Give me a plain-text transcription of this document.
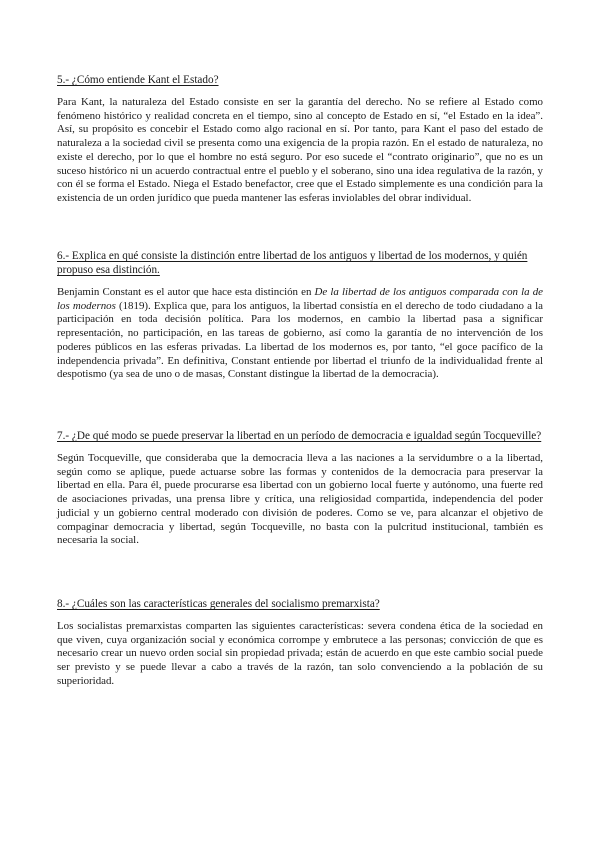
5.- ¿Cómo entiende Kant el Estado?

Para Kant, la naturaleza del Estado consiste en ser la garantía del derecho. No se refiere al Estado como fenómeno histórico y realidad concreta en el tiempo, sino al concepto de Estado en sí, “el Estado en la idea”. Así, su propósito es concebir el Estado como algo racional en sí. Por tanto, para Kant el paso del estado de naturaleza a la sociedad civil se presenta como una exigencia de la propia razón. En el estado de naturaleza, no existe el derecho, por lo que el hombre no está seguro. Por eso sucede el “contrato originario”, que no es un suceso histórico ni un acuerdo contractual entre el pueblo y el soberano, sino una idea regulativa de la razón, y con él se forma el Estado. Niega el Estado benefactor, cree que el Estado simplemente es una condición para la existencia de un orden jurídico que pueda mantener las esferas inviolables del obrar individual.

6.- Explica en qué consiste la distinción entre libertad de los antiguos y libertad de los modernos, y quién propuso esa distinción.

Benjamin Constant es el autor que hace esta distinción en De la libertad de los antiguos comparada con la de los modernos (1819). Explica que, para los antiguos, la libertad consistía en el derecho de todo ciudadano a la participación en toda decisión política. Para los modernos, en cambio la libertad pasa a significar representación, no participación, en las tareas de gobierno, así como la garantía de no intervención de los poderes públicos en las esferas privadas. La libertad de los modernos es, por tanto, “el goce pacífico de la independencia privada”. En definitiva, Constant entiende por libertad el triunfo de la individualidad frente al despotismo (ya sea de uno o de masas, Constant distingue la libertad de la democracia).

7.- ¿De qué modo se puede preservar la libertad en un período de democracia e igualdad según Tocqueville?

Según Tocqueville, que consideraba que la democracia lleva a las naciones a la servidumbre o a la libertad, según como se aplique, puede actuarse sobre las formas y contenidos de la democracia para preservar la libertad en ella. Para él, puede procurarse esa libertad con un gobierno local fuerte y autónomo, una fuerte red de asociaciones privadas, una prensa libre y crítica, una religiosidad compartida, independencia del poder judicial y un gobierno central moderado con división de poderes. Como se ve, para alcanzar el objetivo de compaginar democracia y libertad, según Tocqueville, no basta con la pulcritud institucional, también es necesaria la social.

8.- ¿Cuáles son las características generales del socialismo premarxista?

Los socialistas premarxistas comparten las siguientes características: severa condena ética de la sociedad en que viven, cuya organización social y económica corrompe y embrutece a las personas; convicción de que es necesario crear un nuevo orden social sin propiedad privada; están de acuerdo en que este cambio social puede ser previsto y se puede llevar a cabo a través de la razón, tan solo convenciendo a la población de su superioridad.
